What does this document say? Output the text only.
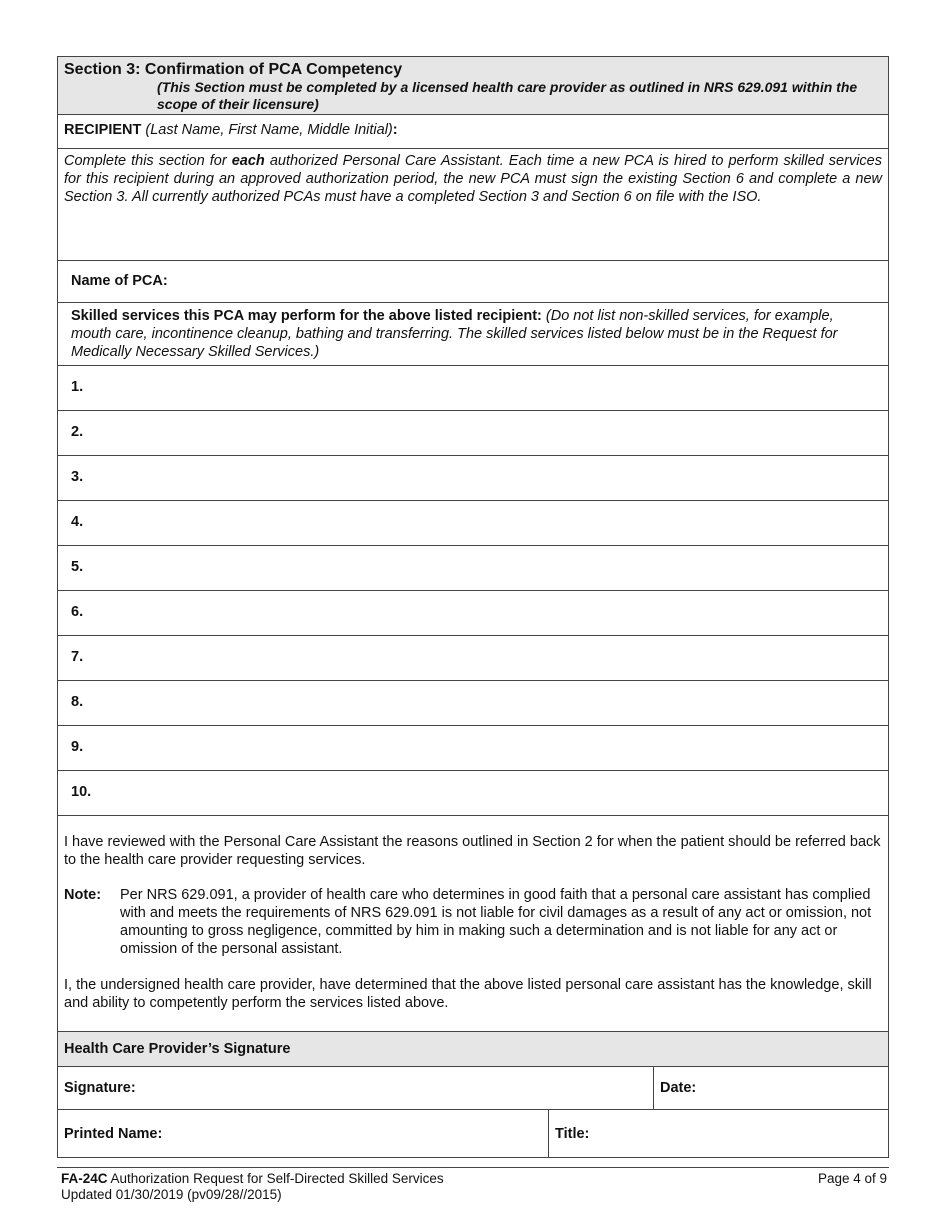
Section 3: Confirmation of PCA Competency
(This Section must be completed by a licensed health care provider as outlined in NRS 629.091 within the scope of their licensure)
RECIPIENT (Last Name, First Name, Middle Initial):
Complete this section for each authorized Personal Care Assistant. Each time a new PCA is hired to perform skilled services for this recipient during an approved authorization period, the new PCA must sign the existing Section 6 and complete a new Section 3. All currently authorized PCAs must have a completed Section 3 and Section 6 on file with the ISO.
Name of PCA:
Skilled services this PCA may perform for the above listed recipient: (Do not list non-skilled services, for example, mouth care, incontinence cleanup, bathing and transferring. The skilled services listed below must be in the Request for Medically Necessary Skilled Services.)
1.
2.
3.
4.
5.
6.
7.
8.
9.
10.

I have reviewed with the Personal Care Assistant the reasons outlined in Section 2 for when the patient should be referred back to the health care provider requesting services.

Note:	Per NRS 629.091, a provider of health care who determines in good faith that a personal care assistant has complied with and meets the requirements of NRS 629.091 is not liable for civil damages as a result of any act or omission, not amounting to gross negligence, committed by him in making such a determination and is not liable for any act or omission of the personal assistant.

I, the undersigned health care provider, have determined that the above listed personal care assistant has the knowledge, skill and ability to competently perform the services listed above.

Health Care Provider’s Signature
Signature:	Date:
Printed Name:	Title:
FA-24C Authorization Request for Self-Directed Skilled Services
Updated 01/30/2019 (pv09/28//2015)
Page 4 of 9
